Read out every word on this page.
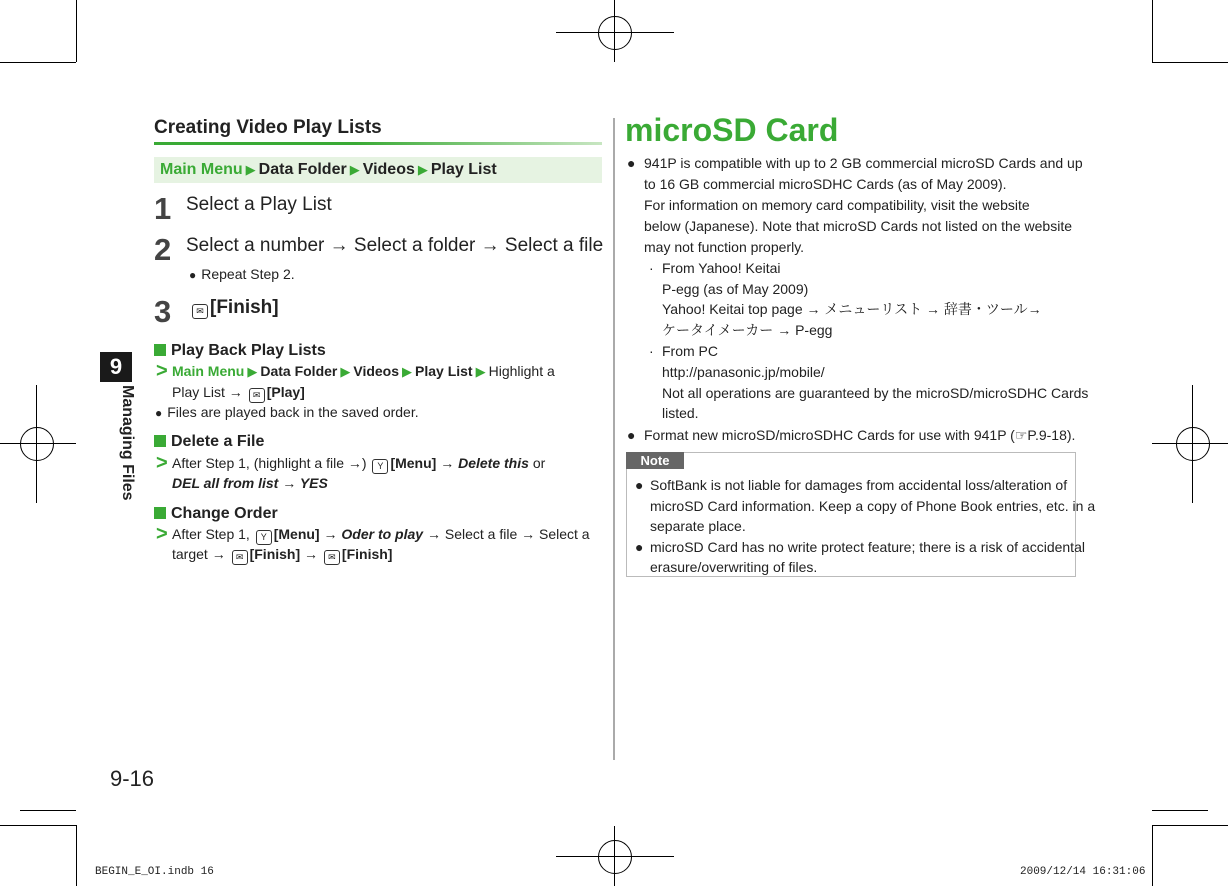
9
Managing Files
9-16
Creating Video Play Lists
Main Menu ▶ Data Folder ▶ Videos ▶ Play List
1 Select a Play List
2 Select a number → Select a folder → Select a file
● Repeat Step 2.
3	✉ [Finish]
Play Back Play Lists
> Main Menu ▶ Data Folder ▶ Videos ▶ Play List ▶ Highlight a
Play List → ✉ [Play]
● Files are played back in the saved order.
Delete a File
> After Step 1, (highlight a file →) Y [Menu] → Delete this or
DEL all from list → YES
Change Order
> After Step 1, Y [Menu] → Oder to play → Select a file → Select a
target → ✉ [Finish] → ✉ [Finish]
microSD Card
● 941P is compatible with up to 2 GB commercial microSD Cards and up
to 16 GB commercial microSDHC Cards (as of May 2009).
For information on memory card compatibility, visit the website
below (Japanese). Note that microSD Cards not listed on the website
may not function properly.
· From Yahoo! Keitai
P-egg (as of May 2009)
Yahoo! Keitai top page → メニューリスト → 辞書・ツール→
ケータイメーカー → P-egg
· From PC
http://panasonic.jp/mobile/
Not all operations are guaranteed by the microSD/microSDHC Cards
listed.
● Format new microSD/microSDHC Cards for use with 941P (☞P.9-18).
Note
● SoftBank is not liable for damages from accidental loss/alteration of
microSD Card information. Keep a copy of Phone Book entries, etc. in a
separate place.
● microSD Card has no write protect feature; there is a risk of accidental
erasure/overwriting of files.
BEGIN_E_OI.indb 16	2009/12/14 16:31:06
